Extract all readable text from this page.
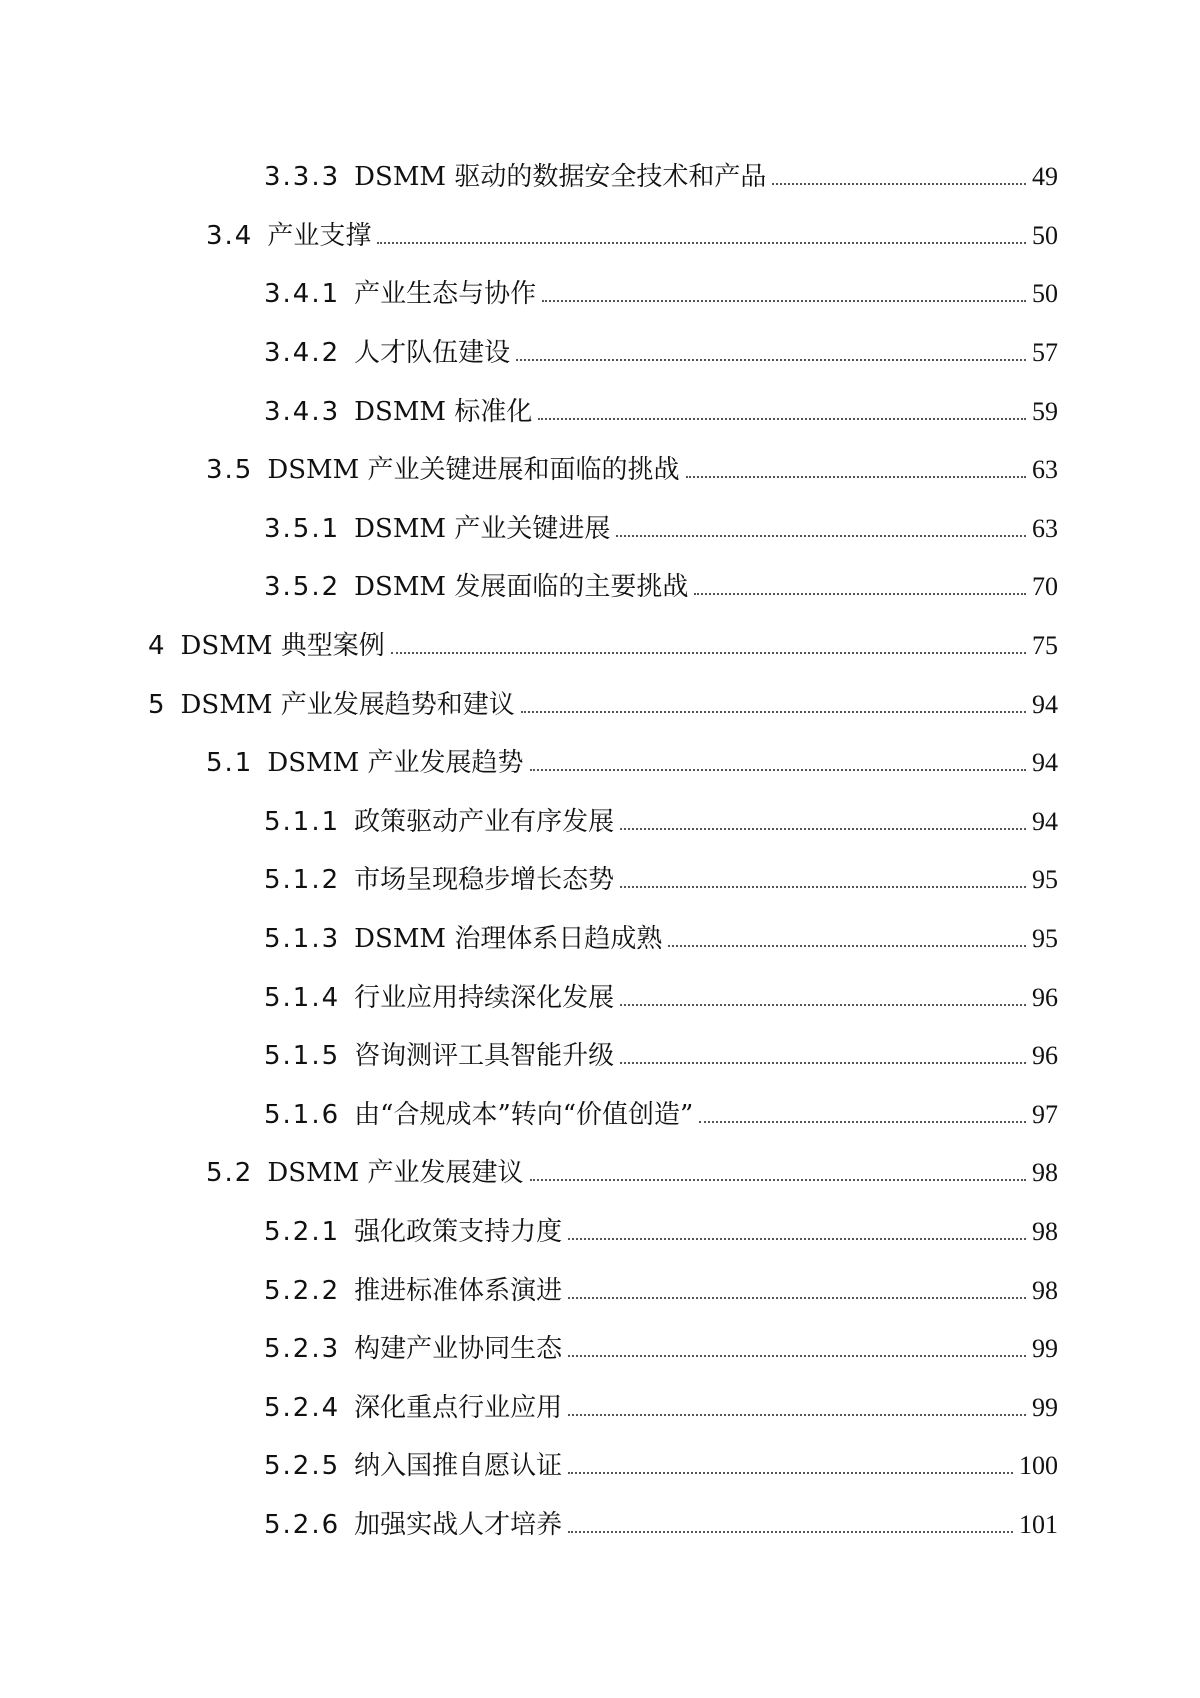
3.3.3 DSMM 驱动的数据安全技术和产品	49
3.4 产业支撑	50
3.4.1 产业生态与协作	50
3.4.2 人才队伍建设	57
3.4.3 DSMM 标准化	59
3.5 DSMM 产业关键进展和面临的挑战	63
3.5.1 DSMM 产业关键进展	63
3.5.2 DSMM 发展面临的主要挑战	70
4 DSMM 典型案例	75
5 DSMM 产业发展趋势和建议	94
5.1 DSMM 产业发展趋势	94
5.1.1 政策驱动产业有序发展	94
5.1.2 市场呈现稳步增长态势	95
5.1.3 DSMM 治理体系日趋成熟	95
5.1.4 行业应用持续深化发展	96
5.1.5 咨询测评工具智能升级	96
5.1.6 由“合规成本”转向“价值创造”	97
5.2 DSMM 产业发展建议	98
5.2.1 强化政策支持力度	98
5.2.2 推进标准体系演进	98
5.2.3 构建产业协同生态	99
5.2.4 深化重点行业应用	99
5.2.5 纳入国推自愿认证	100
5.2.6 加强实战人才培养	101
